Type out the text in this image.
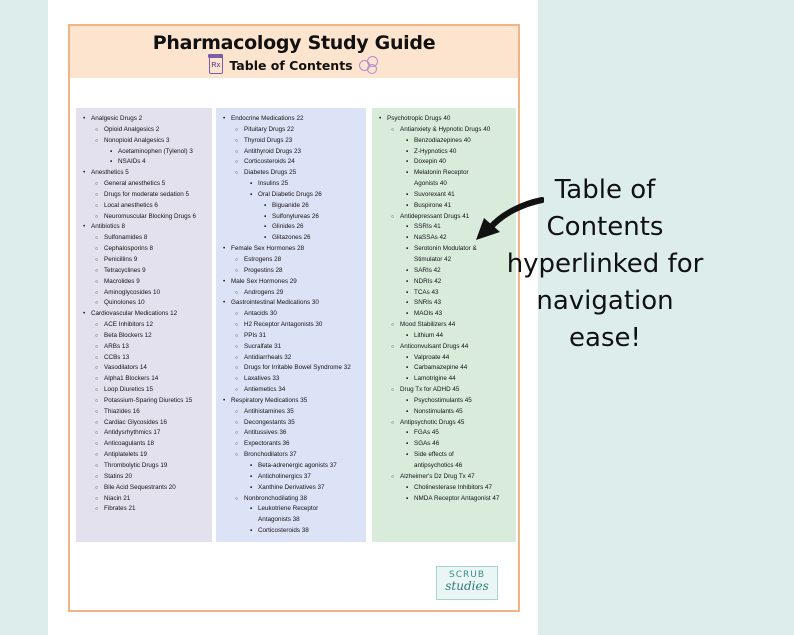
Pharmacology Study Guide
Rx Table of Contents
• Analgesic Drugs 2
○ Opioid Analgesics 2
○ Nonopioid Analgesics 3
▪ Acetaminophen (Tylenol) 3
▪ NSAIDs 4
• Anesthetics 5
○ General anesthetics 5
○ Drugs for moderate sedation 5
○ Local anesthetics 6
○ Neuromuscular Blocking Drugs 6
• Antibiotics 8
○ Sulfonamides 8
○ Cephalosporins 8
○ Penicillins 9
○ Tetracyclines 9
○ Macrolides 9
○ Aminoglycosides 10
○ Quinolones 10
• Cardiovascular Medications 12
○ ACE Inhibitors 12
○ Beta Blockers 12
○ ARBs 13
○ CCBs 13
○ Vasodilators 14
○ Alpha1 Blockers 14
○ Loop Diuretics 15
○ Potassium-Sparing Diuretics 15
○ Thiazides 16
○ Cardiac Glycosides 16
○ Antidysrhythmics 17
○ Anticoagulants 18
○ Antiplatelets 19
○ Thrombolytic Drugs 19
○ Statins 20
○ Bile Acid Sequestrants 20
○ Niacin 21
○ Fibrates 21
• Endocrine Medications 22
○ Pituitary Drugs 22
○ Thyroid Drugs 23
○ Antithyroid Drugs 23
○ Corticosteroids 24
○ Diabetes Drugs 25
▪ Insulins 25
▪ Oral Diabetic Drugs 26
▪ Biguanide 26
▪ Sulfonylureas 26
▪ Glinides 26
▪ Glitazones 26
• Female Sex Hormones 28
○ Estrogens 28
○ Progestins 28
• Male Sex Hormones 29
○ Androgens 29
• Gastrointestinal Medications 30
○ Antacids 30
○ H2 Receptor Antagonists 30
○ PPIs 31
○ Sucralfate 31
○ Antidiarrheals 32
○ Drugs for Irritable Bowel Syndrome 32
○ Laxatives 33
○ Antiemetics 34
• Respiratory Medications 35
○ Antihistamines 35
○ Decongestants 35
○ Antitussives 36
○ Expectorants 36
○ Bronchodilators 37
▪ Beta-adrenergic agonists 37
▪ Anticholinergics 37
▪ Xanthine Derivatives 37
○ Nonbronchodilating 38
▪ Leukotriene Receptor
Antagonists 38
▪ Corticosteroids 38
• Psychotropic Drugs 40
○ Antianxiety & Hypnotic Drugs 40
▪ Benzodiazepines 40
▪ Z-Hypnotics 40
▪ Doxepin 40
▪ Melatonin Receptor
Agonists 40
▪ Suvorexant 41
▪ Buspirone 41
○ Antidepressant Drugs 41
▪ SSRIs 41
▪ NaSSAs 42
▪ Serotonin Modulator &
Stimulator 42
▪ SARIs 42
▪ NDRIs 42
▪ TCAs 43
▪ SNRIs 43
▪ MAOIs 43
○ Mood Stabilizers 44
▪ Lithium 44
○ Anticonvulsant Drugs 44
▪ Valproate 44
▪ Carbamazepine 44
▪ Lamotrigine 44
○ Drug Tx for ADHD 45
▪ Psychostimulants 45
▪ Nonstimulants 45
○ Antipsychotic Drugs 45
▪ FGAs 45
▪ SGAs 46
▪ Side effects of
antipsychotics 46
○ Alzheimer's Dz Drug Tx 47
▪ Cholinesterase Inhibitors 47
▪ NMDA Receptor Antagonist 47
SCRUB
studies
Table of
Contents
hyperlinked for
navigation
ease!
